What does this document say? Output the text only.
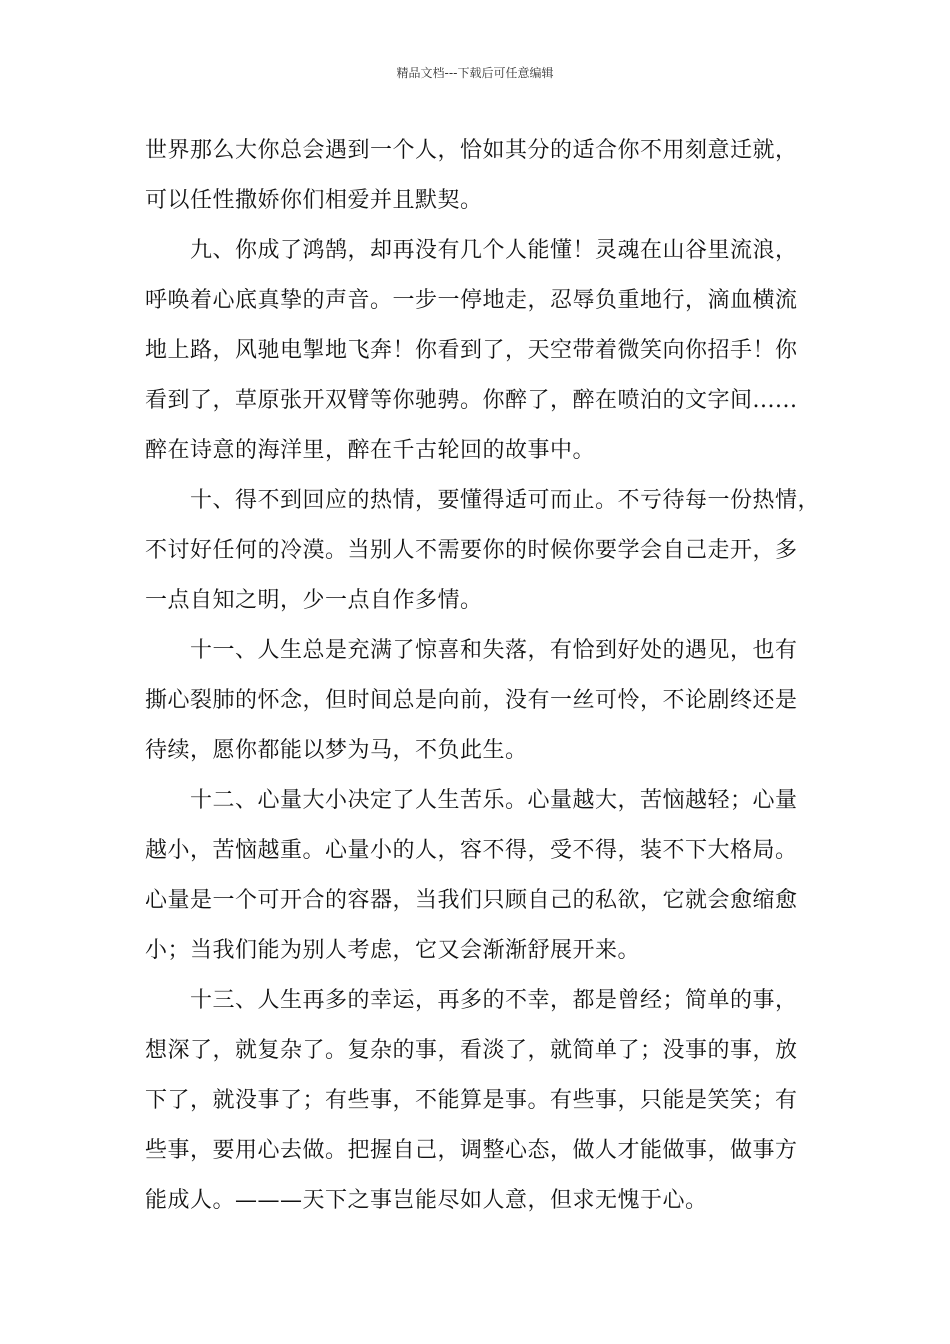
精品文档---下载后可任意编辑
世界那么大你总会遇到一个人，恰如其分的适合你不用刻意迁就，
可以任性撒娇你们相爱并且默契。
　　九、你成了鸿鹄，却再没有几个人能懂！灵魂在山谷里流浪，
呼唤着心底真挚的声音。一步一停地走，忍辱负重地行，滴血横流
地上路，风驰电掣地飞奔！你看到了，天空带着微笑向你招手！你
看到了，草原张开双臂等你驰骋。你醉了，醉在喷泊的文字间......
醉在诗意的海洋里，醉在千古轮回的故事中。
　　十、得不到回应的热情，要懂得适可而止。不亏待每一份热情，
不讨好任何的冷漠。当别人不需要你的时候你要学会自己走开，多
一点自知之明，少一点自作多情。
　　十一、人生总是充满了惊喜和失落，有恰到好处的遇见，也有
撕心裂肺的怀念，但时间总是向前，没有一丝可怜，不论剧终还是
待续，愿你都能以梦为马，不负此生。
　　十二、心量大小决定了人生苦乐。心量越大，苦恼越轻；心量
越小，苦恼越重。心量小的人，容不得，受不得，装不下大格局。
心量是一个可开合的容器，当我们只顾自己的私欲，它就会愈缩愈
小；当我们能为别人考虑，它又会渐渐舒展开来。
　　十三、人生再多的幸运，再多的不幸，都是曾经；简单的事，
想深了，就复杂了。复杂的事，看淡了，就简单了；没事的事，放
下了，就没事了；有些事，不能算是事。有些事，只能是笑笑；有
些事，要用心去做。把握自己，调整心态，做人才能做事，做事方
能成人。———天下之事岂能尽如人意，但求无愧于心。
